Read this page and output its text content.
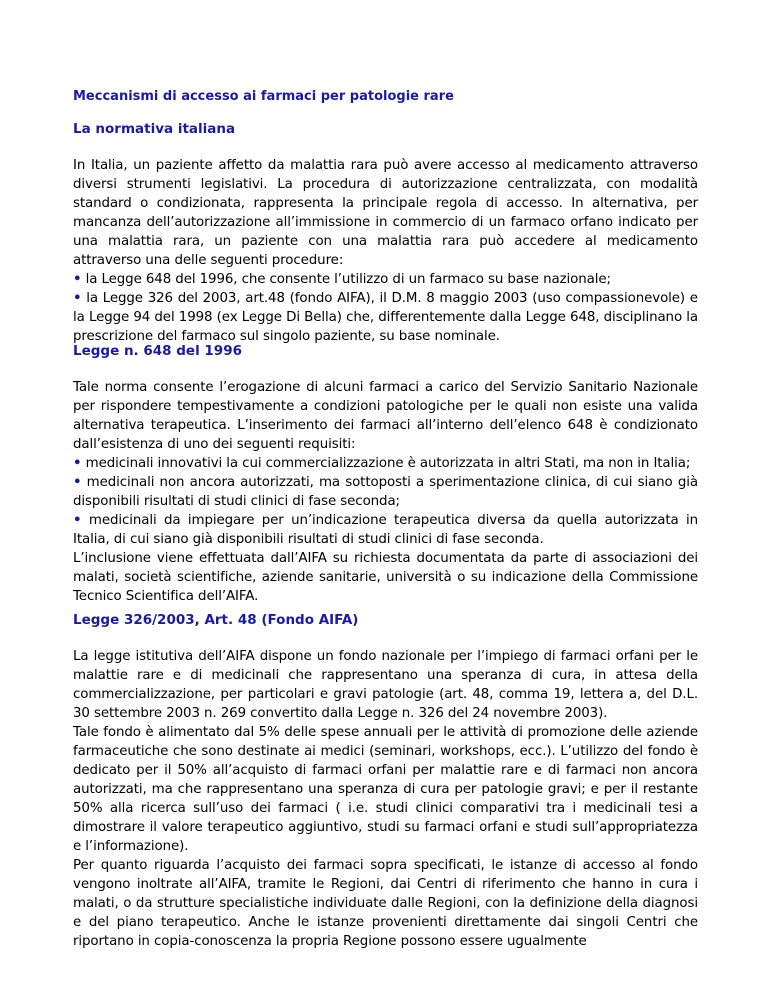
Meccanismi di accesso ai farmaci per patologie rare
La normativa italiana

In Italia, un paziente affetto da malattia rara può avere accesso al medicamento attraverso diversi strumenti legislativi. La procedura di autorizzazione centralizzata, con modalità standard o condizionata, rappresenta la principale regola di accesso. In alternativa, per mancanza dell’autorizzazione all’immissione in commercio di un farmaco orfano indicato per una malattia rara, un paziente con una malattia rara può accedere al medicamento attraverso una delle seguenti procedure:

• la Legge 648 del 1996, che consente l’utilizzo di un farmaco su base nazionale;

• la Legge 326 del 2003, art.48 (fondo AIFA), il D.M. 8 maggio 2003 (uso compassionevole) e la Legge 94 del 1998 (ex Legge Di Bella) che, differentemente dalla Legge 648, disciplinano la prescrizione del farmaco sul singolo paziente, su base nominale.

Legge n. 648 del 1996

Tale norma consente l’erogazione di alcuni farmaci a carico del Servizio Sanitario Nazionale per rispondere tempestivamente a condizioni patologiche per le quali non esiste una valida alternativa terapeutica. L’inserimento dei farmaci all’interno dell’elenco 648 è condizionato dall’esistenza di uno dei seguenti requisiti:

• medicinali innovativi la cui commercializzazione è autorizzata in altri Stati, ma non in Italia;

• medicinali non ancora autorizzati, ma sottoposti a sperimentazione clinica, di cui siano già disponibili risultati di studi clinici di fase seconda;

• medicinali da impiegare per un’indicazione terapeutica diversa da quella autorizzata in Italia, di cui siano già disponibili risultati di studi clinici di fase seconda.

L’inclusione viene effettuata dall’AIFA su richiesta documentata da parte di associazioni dei malati, società scientifiche, aziende sanitarie, università o su indicazione della Commissione Tecnico Scientifica dell’AIFA.

Legge 326/2003, Art. 48 (Fondo AIFA)

La legge istitutiva dell’AIFA dispone un fondo nazionale per l’impiego di farmaci orfani per le malattie rare e di medicinali che rappresentano una speranza di cura, in attesa della commercializzazione, per particolari e gravi patologie (art. 48, comma 19, lettera a, del D.L. 30 settembre 2003 n. 269 convertito dalla Legge n. 326 del 24 novembre 2003).

Tale fondo è alimentato dal 5% delle spese annuali per le attività di promozione delle aziende farmaceutiche che sono destinate ai medici (seminari, workshops, ecc.). L’utilizzo del fondo è dedicato per il 50% all’acquisto di farmaci orfani per malattie rare e di farmaci non ancora autorizzati, ma che rappresentano una speranza di cura per patologie gravi; e per il restante 50% alla ricerca sull’uso dei farmaci ( i.e. studi clinici comparativi tra i medicinali tesi a dimostrare il valore terapeutico aggiuntivo, studi su farmaci orfani e studi sull’appropriatezza e l’informazione).

Per quanto riguarda l’acquisto dei farmaci sopra specificati, le istanze di accesso al fondo vengono inoltrate all’AIFA, tramite le Regioni, dai Centri di riferimento che hanno in cura i malati, o da strutture specialistiche individuate dalle Regioni, con la definizione della diagnosi e del piano terapeutico. Anche le istanze provenienti direttamente dai singoli Centri che riportano in copia-conoscenza la propria Regione possono essere ugualmente
